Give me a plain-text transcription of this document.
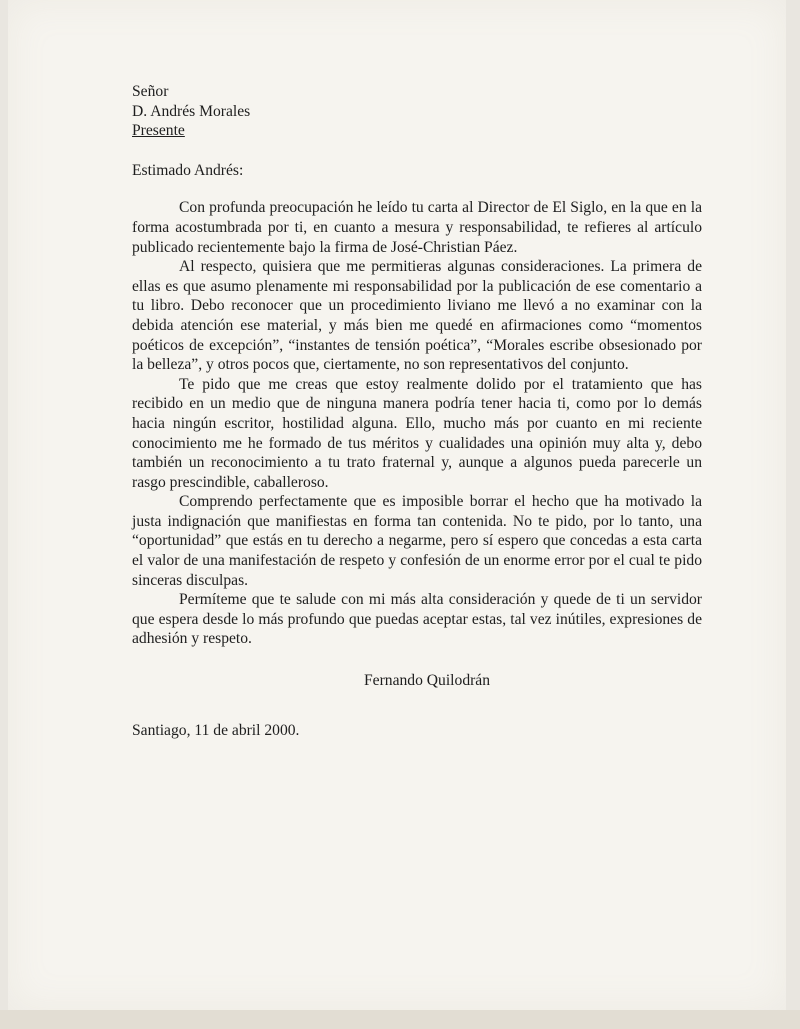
Señor
D. Andrés Morales
Presente
Estimado Andrés:

Con profunda preocupación he leído tu carta al Director de El Siglo, en la que en la forma acostumbrada por ti, en cuanto a mesura y responsabilidad, te refieres al artículo publicado recientemente bajo la firma de José-Christian Páez.

Al respecto, quisiera que me permitieras algunas consideraciones. La primera de ellas es que asumo plenamente mi responsabilidad por la publicación de ese comentario a tu libro. Debo reconocer que un procedimiento liviano me llevó a no examinar con la debida atención ese material, y más bien me quedé en afirmaciones como “momentos poéticos de excepción”, “instantes de tensión poética”, “Morales escribe obsesionado por la belleza”, y otros pocos que, ciertamente, no son representativos del conjunto.

Te pido que me creas que estoy realmente dolido por el tratamiento que has recibido en un medio que de ninguna manera podría tener hacia ti, como por lo demás hacia ningún escritor, hostilidad alguna. Ello, mucho más por cuanto en mi reciente conocimiento me he formado de tus méritos y cualidades una opinión muy alta y, debo también un reconocimiento a tu trato fraternal y, aunque a algunos pueda parecerle un rasgo prescindible, caballeroso.

Comprendo perfectamente que es imposible borrar el hecho que ha motivado la justa indignación que manifiestas en forma tan contenida. No te pido, por lo tanto, una “oportunidad” que estás en tu derecho a negarme, pero sí espero que concedas a esta carta el valor de una manifestación de respeto y confesión de un enorme error por el cual te pido sinceras disculpas.

Permíteme que te salude con mi más alta consideración y quede de ti un servidor que espera desde lo más profundo que puedas aceptar estas, tal vez inútiles, expresiones de adhesión y respeto.

Fernando Quilodrán
Santiago, 11 de abril 2000.
